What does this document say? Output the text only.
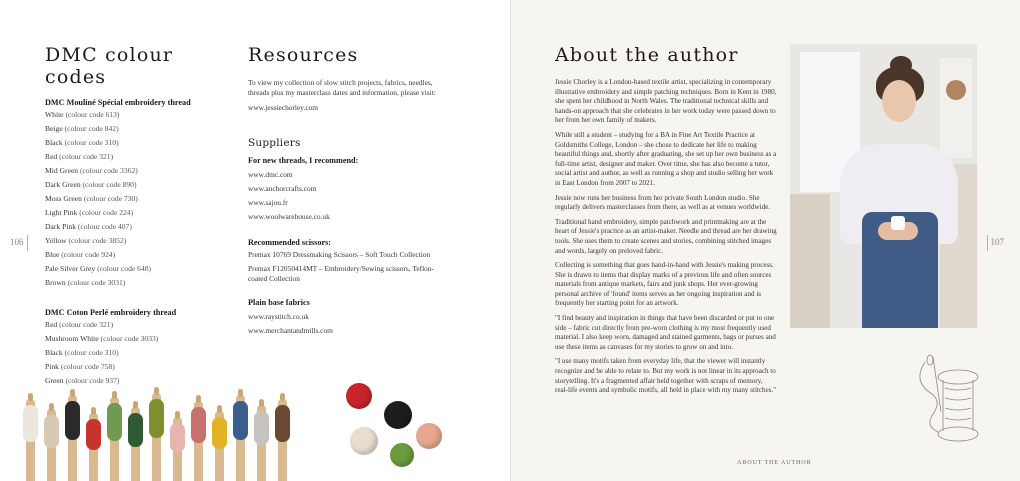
106
DMC colour codes
DMC Mouliné Spécial embroidery thread
White (colour code 613)
Beige (colour code 842)
Black (colour code 310)
Red (colour code 321)
Mid Green (colour code 3362)
Dark Green (colour code 890)
Moss Green (colour code 730)
Light Pink (colour code 224)
Dark Pink (colour code 407)
Yellow (colour code 3852)
Blue (colour code 924)
Pale Silver Grey (colour code 648)
Brown (colour code 3031)
DMC Coton Perlé embroidery thread
Red (colour code 321)
Mushroom White (colour code 3033)
Black (colour code 310)
Pink (colour code 758)
Green (colour code 937)
Resources

To view my collection of slow stitch projects, fabrics, needles, threads plus my masterclass dates and information, please visit:

www.jessiechorley.com
Suppliers
For new threads, I recommend:
www.dmc.com
www.anchorcrafts.com
www.sajou.fr
www.woolwarehouse.co.uk
Recommended scissors:

Premax 10769 Dressmaking Scissors – Soft Touch Collection

Premax F12050414MT – Embroidery/Sewing scissors, Teflon-coated Collection

Plain base fabrics
www.raystitch.co.uk
www.merchantandmills.com
About the author

Jessie Chorley is a London-based textile artist, specializing in contemporary illustrative embroidery and simple patching techniques. Born in Kent in 1980, she spent her childhood in North Wales. The traditional technical skills and hands-on approach that she celebrates in her work today were passed down to her from her own family of makers.

While still a student – studying for a BA in Fine Art Textile Practice at Goldsmiths College, London – she chose to dedicate her life to making beautiful things and, shortly after graduating, she set up her own business as a full-time artist, designer and maker. Over time, she has also become a tutor, social artist and author, as well as running a shop and studio selling her work in East London from 2007 to 2021.

Jessie now runs her business from her private South London studio. She regularly delivers masterclasses from there, as well as at venues worldwide.

Traditional hand embroidery, simple patchwork and printmaking are at the heart of Jessie's practice as an artist-maker. Needle and thread are her drawing tools. She uses them to create scenes and stories, combining stitched images and words, largely on preloved fabric.

Collecting is something that goes hand-in-hand with Jessie's making process. She is drawn to items that display marks of a previous life and often sources materials from antique markets, fairs and junk shops. Her ever-growing personal archive of 'found' items serves as her ongoing inspiration and is frequently her starting point for an artwork.

"I find beauty and inspiration in things that have been discarded or put to one side – fabric cut directly from pre-worn clothing is my most frequently used material. I also keep worn, damaged and stained garments, bags or purses and use these items as canvases for my stories to grow on and into.

"I use many motifs taken from everyday life, that the viewer will instantly recognize and be able to relate to. But my work is not linear in its approach to storytelling. It's a fragmented affair held together with scraps of memory, real-life events and symbolic motifs, all held in place with my many stitches."

107
ABOUT THE AUTHOR
